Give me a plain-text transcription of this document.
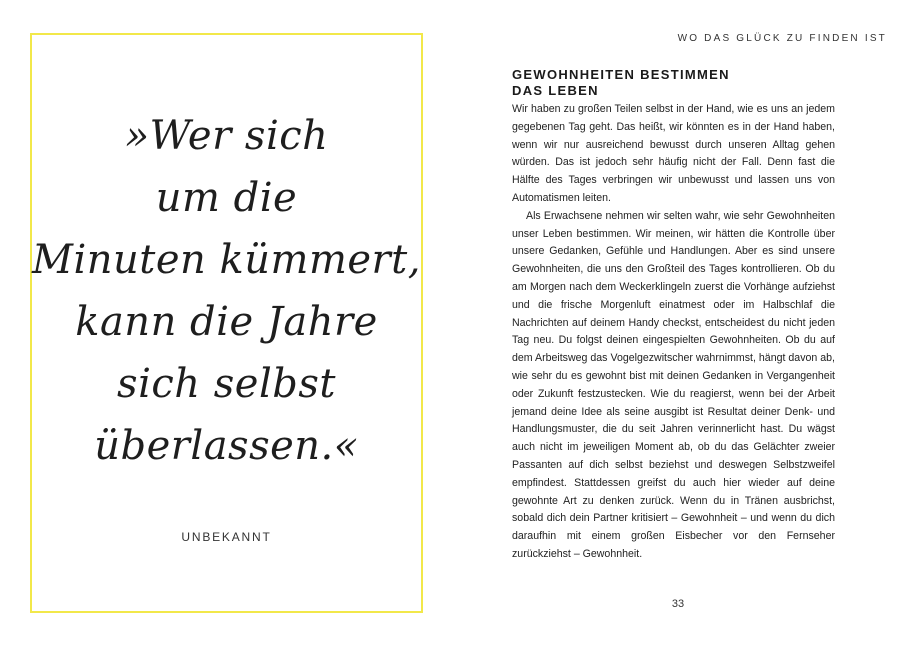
»Wer sich
um die
Minuten kümmert,
kann die Jahre
sich selbst
überlassen.«
UNBEKANNT
WO DAS GLÜCK ZU FINDEN IST
GEWOHNHEITEN BESTIMMEN
DAS LEBEN

Wir haben zu großen Teilen selbst in der Hand, wie es uns an jedem gegebenen Tag geht. Das heißt, wir könnten es in der Hand haben, wenn wir nur ausreichend bewusst durch unseren Alltag gehen würden. Das ist jedoch sehr häufig nicht der Fall. Denn fast die Hälfte des Tages verbringen wir unbewusst und lassen uns von Automatismen leiten.

Als Erwachsene nehmen wir selten wahr, wie sehr Gewohnheiten unser Leben bestimmen. Wir meinen, wir hätten die Kontrolle über unsere Gedanken, Gefühle und Handlungen. Aber es sind unsere Gewohnheiten, die uns den Großteil des Tages kontrollieren. Ob du am Morgen nach dem Weckerklingeln zuerst die Vorhänge aufziehst und die frische Morgenluft einatmest oder im Halbschlaf die Nachrichten auf deinem Handy checkst, entscheidest du nicht jeden Tag neu. Du folgst deinen eingespielten Gewohnheiten. Ob du auf dem Arbeitsweg das Vogelgezwitscher wahrnimmst, hängt davon ab, wie sehr du es gewohnt bist mit deinen Gedanken in Vergangenheit oder Zukunft festzustecken. Wie du reagierst, wenn bei der Arbeit jemand deine Idee als seine ausgibt ist Resultat deiner Denk- und Handlungsmuster, die du seit Jahren verinnerlicht hast. Du wägst auch nicht im jeweiligen Moment ab, ob du das Gelächter zweier Passanten auf dich selbst beziehst und deswegen Selbstzweifel empfindest. Stattdessen greifst du auch hier wieder auf deine gewohnte Art zu denken zurück. Wenn du in Tränen ausbrichst, sobald dich dein Partner kritisiert – Gewohnheit – und wenn du dich daraufhin mit einem großen Eisbecher vor den Fernseher zurückziehst – Gewohnheit.

33
